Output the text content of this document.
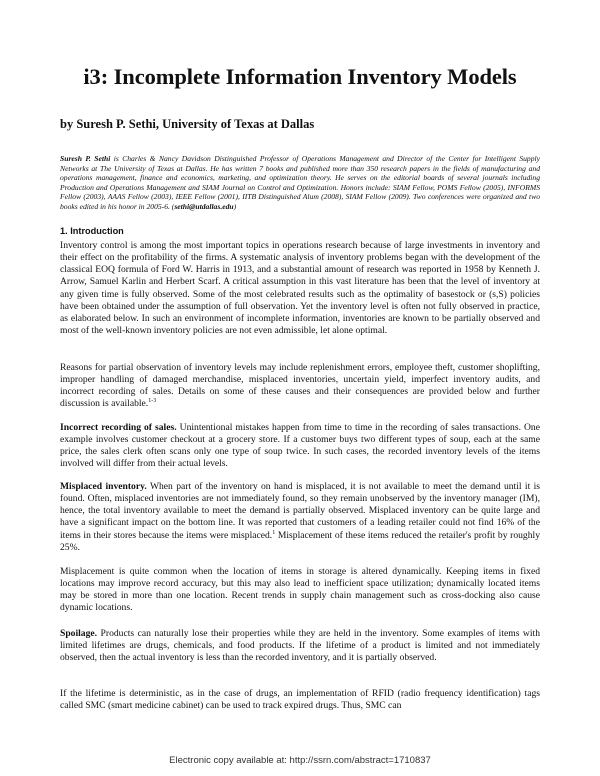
i3: Incomplete Information Inventory Models

by Suresh P. Sethi, University of Texas at Dallas

Suresh P. Sethi is Charles & Nancy Davidson Distinguished Professor of Operations Management and Director of the Center for Intelligent Supply Networks at The University of Texas at Dallas. He has written 7 books and published more than 350 research papers in the fields of manufacturing and operations management, finance and economics, marketing, and optimization theory. He serves on the editorial boards of several journals including Production and Operations Management and SIAM Journal on Control and Optimization. Honors include: SIAM Fellow, POMS Fellow (2005), INFORMS Fellow (2003), AAAS Fellow (2003), IEEE Fellow (2001), IITB Distinguished Alum (2008), SIAM Fellow (2009). Two conferences were organized and two books edited in his honor in 2005-6. (sethi@utdallas.edu)

1. Introduction

Inventory control is among the most important topics in operations research because of large investments in inventory and their effect on the profitability of the firms. A systematic analysis of inventory problems began with the development of the classical EOQ formula of Ford W. Harris in 1913, and a substantial amount of research was reported in 1958 by Kenneth J. Arrow, Samuel Karlin and Herbert Scarf. A critical assumption in this vast literature has been that the level of inventory at any given time is fully observed. Some of the most celebrated results such as the optimality of basestock or (s,S) policies have been obtained under the assumption of full observation. Yet the inventory level is often not fully observed in practice, as elaborated below. In such an environment of incomplete information, inventories are known to be partially observed and most of the well-known inventory policies are not even admissible, let alone optimal.

Reasons for partial observation of inventory levels may include replenishment errors, employee theft, customer shoplifting, improper handling of damaged merchandise, misplaced inventories, uncertain yield, imperfect inventory audits, and incorrect recording of sales. Details on some of these causes and their consequences are provided below and further discussion is available.$^{1-3}$

Incorrect recording of sales. Unintentional mistakes happen from time to time in the recording of sales transactions. One example involves customer checkout at a grocery store. If a customer buys two different types of soup, each at the same price, the sales clerk often scans only one type of soup twice. In such cases, the recorded inventory levels of the items involved will differ from their actual levels.

Misplaced inventory. When part of the inventory on hand is misplaced, it is not available to meet the demand until it is found. Often, misplaced inventories are not immediately found, so they remain unobserved by the inventory manager (IM), hence, the total inventory available to meet the demand is partially observed. Misplaced inventory can be quite large and have a significant impact on the bottom line. It was reported that customers of a leading retailer could not find 16% of the items in their stores because the items were misplaced.$^1$ Misplacement of these items reduced the retailer's profit by roughly 25%.

Misplacement is quite common when the location of items in storage is altered dynamically. Keeping items in fixed locations may improve record accuracy, but this may also lead to inefficient space utilization; dynamically located items may be stored in more than one location. Recent trends in supply chain management such as cross-docking also cause dynamic locations.

Spoilage. Products can naturally lose their properties while they are held in the inventory. Some examples of items with limited lifetimes are drugs, chemicals, and food products. If the lifetime of a product is limited and not immediately observed, then the actual inventory is less than the recorded inventory, and it is partially observed.

If the lifetime is deterministic, as in the case of drugs, an implementation of RFID (radio frequency identification) tags called SMC (smart medicine cabinet) can be used to track expired drugs. Thus, SMC can

Electronic copy available at: http://ssrn.com/abstract=1710837
